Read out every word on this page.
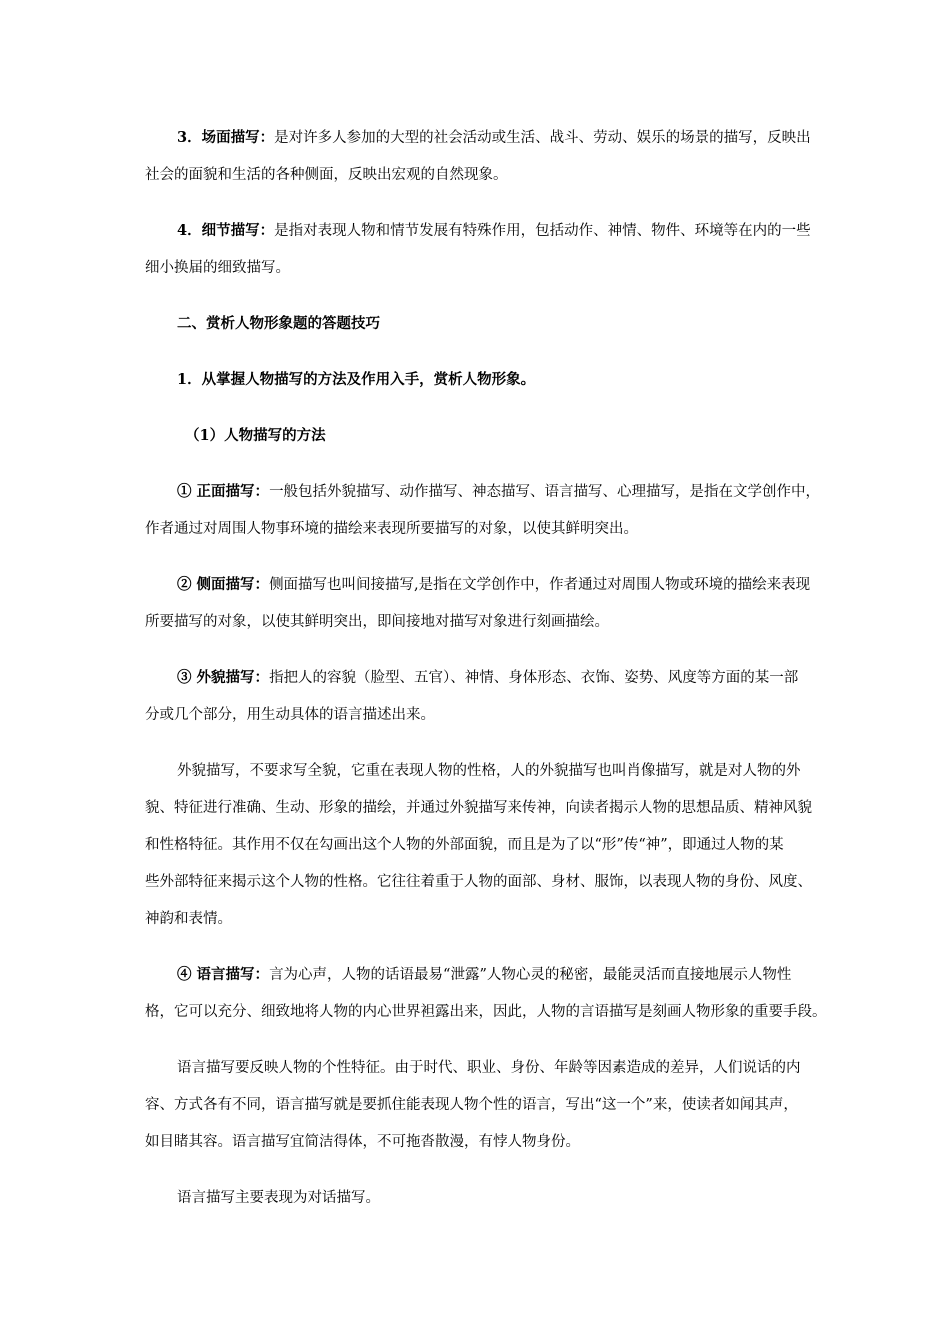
3．场面描写：是对许多人参加的大型的社会活动或生活、战斗、劳动、娱乐的场景的描写，反映出
社会的面貌和生活的各种侧面，反映出宏观的自然现象。
4．细节描写：是指对表现人物和情节发展有特殊作用，包括动作、神情、物件、环境等在内的一些
细小换届的细致描写。
二、赏析人物形象题的答题技巧
1．从掌握人物描写的方法及作用入手，赏析人物形象。
（1）人物描写的方法
① 正面描写：一般包括外貌描写、动作描写、神态描写、语言描写、心理描写，是指在文学创作中，
作者通过对周围人物事环境的描绘来表现所要描写的对象，以使其鲜明突出。
② 侧面描写：侧面描写也叫间接描写,是指在文学创作中，作者通过对周围人物或环境的描绘来表现
所要描写的对象，以使其鲜明突出，即间接地对描写对象进行刻画描绘。
③ 外貌描写：指把人的容貌（脸型、五官）、神情、身体形态、衣饰、姿势、风度等方面的某一部
分或几个部分，用生动具体的语言描述出来。
外貌描写，不要求写全貌，它重在表现人物的性格，人的外貌描写也叫肖像描写，就是对人物的外
貌、特征进行准确、生动、形象的描绘，并通过外貌描写来传神，向读者揭示人物的思想品质、精神风貌
和性格特征。其作用不仅在勾画出这个人物的外部面貌，而且是为了以“形”传“神”，即通过人物的某
些外部特征来揭示这个人物的性格。它往往着重于人物的面部、身材、服饰，以表现人物的身份、风度、
神韵和表情。
④ 语言描写：言为心声，人物的话语最易“泄露”人物心灵的秘密，最能灵活而直接地展示人物性
格，它可以充分、细致地将人物的内心世界袒露出来，因此，人物的言语描写是刻画人物形象的重要手段。
语言描写要反映人物的个性特征。由于时代、职业、身份、年龄等因素造成的差异，人们说话的内
容、方式各有不同，语言描写就是要抓住能表现人物个性的语言，写出“这一个”来，使读者如闻其声，
如目睹其容。语言描写宜简洁得体，不可拖沓散漫，有悖人物身份。
语言描写主要表现为对话描写。
